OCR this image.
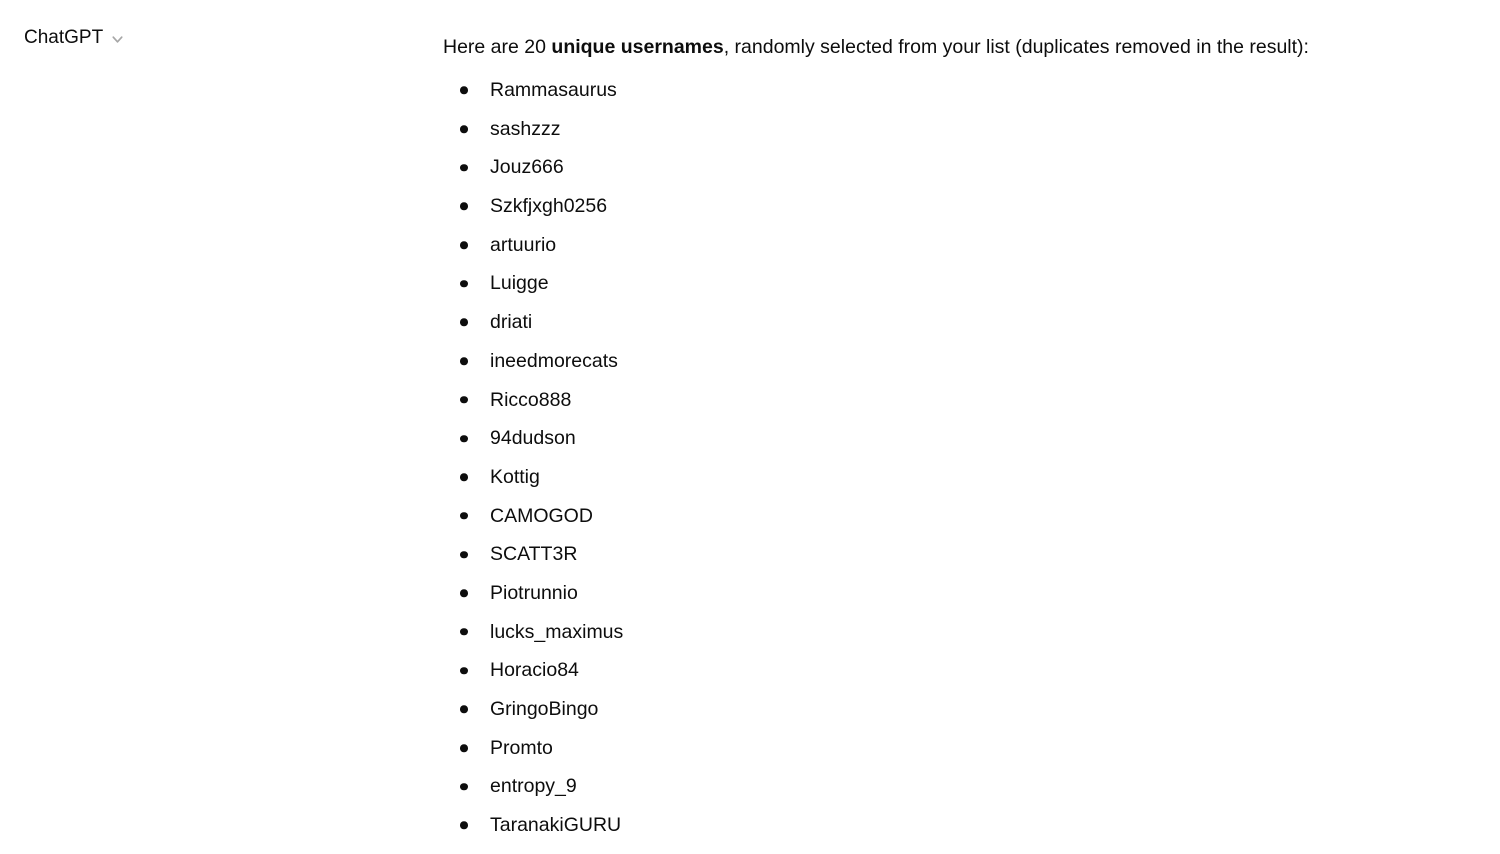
ChatGPT	Here are 20 unique usernames, randomly selected from your list (duplicates removed in the result):

Rammasaurus
sashzzz
Jouz666
Szkfjxgh0256
artuurio
Luigge
driati
ineedmorecats
Ricco888
94dudson
Kottig
CAMOGOD
SCATT3R
Piotrunnio
lucks_maximus
Horacio84
GringoBingo
Promto
entropy_9
TaranakiGURU
